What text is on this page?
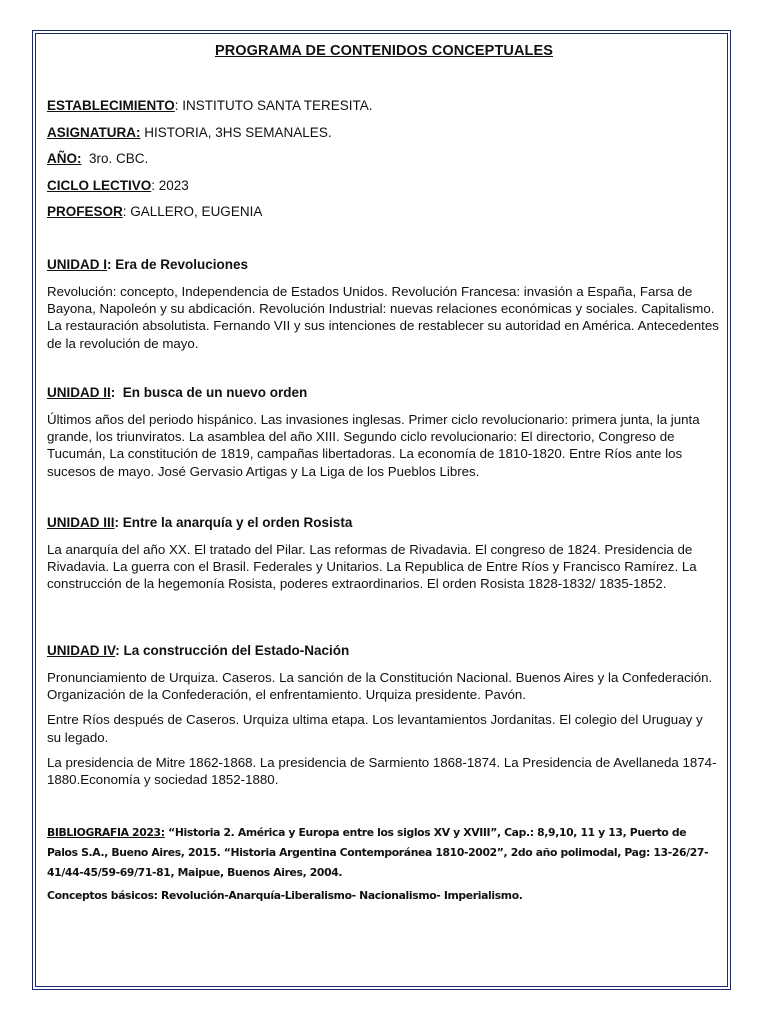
PROGRAMA DE CONTENIDOS CONCEPTUALES
ESTABLECIMIENTO: INSTITUTO SANTA TERESITA.
ASIGNATURA: HISTORIA, 3HS SEMANALES.
AÑO: 3ro. CBC.
CICLO LECTIVO: 2023
PROFESOR: GALLERO, EUGENIA
UNIDAD I: Era de Revoluciones

Revolución: concepto, Independencia de Estados Unidos. Revolución Francesa: invasión a España, Farsa de Bayona, Napoleón y su abdicación. Revolución Industrial: nuevas relaciones económicas y sociales. Capitalismo. La restauración absolutista. Fernando VII y sus intenciones de restablecer su autoridad en América. Antecedentes de la revolución de mayo.

UNIDAD II:  En busca de un nuevo orden

Últimos años del periodo hispánico. Las invasiones inglesas. Primer ciclo revolucionario: primera junta, la junta grande, los triunviratos. La asamblea del año XIII. Segundo ciclo revolucionario: El directorio, Congreso de Tucumán, La constitución de 1819, campañas libertadoras. La economía de 1810-1820. Entre Ríos ante los sucesos de mayo. José Gervasio Artigas y La Liga de los Pueblos Libres.

UNIDAD III: Entre la anarquía y el orden Rosista

La anarquía del año XX. El tratado del Pilar. Las reformas de Rivadavia. El congreso de 1824. Presidencia de Rivadavia. La guerra con el Brasil. Federales y Unitarios. La Republica de Entre Ríos y Francisco Ramírez. La construcción de la hegemonía Rosista, poderes extraordinarios. El orden Rosista 1828-1832/ 1835-1852.

UNIDAD IV: La construcción del Estado-Nación

Pronunciamiento de Urquiza. Caseros. La sanción de la Constitución Nacional. Buenos Aires y la Confederación. Organización de la Confederación, el enfrentamiento. Urquiza presidente. Pavón.

Entre Ríos después de Caseros. Urquiza ultima etapa. Los levantamientos Jordanitas. El colegio del Uruguay y su legado.

La presidencia de Mitre 1862-1868. La presidencia de Sarmiento 1868-1874. La Presidencia de Avellaneda 1874-1880.Economía y sociedad 1852-1880.

BIBLIOGRAFIA 2023: “Historia 2. América y Europa entre los siglos XV y XVIII”, Cap.: 8,9,10, 11 y 13, Puerto de Palos S.A., Bueno Aires, 2015. “Historia Argentina Contemporánea 1810-2002”, 2do año polimodal, Pag: 13-26/27-41/44-45/59-69/71-81, Maipue, Buenos Aires, 2004.
Conceptos básicos: Revolución-Anarquía-Liberalismo- Nacionalismo- Imperialismo.
